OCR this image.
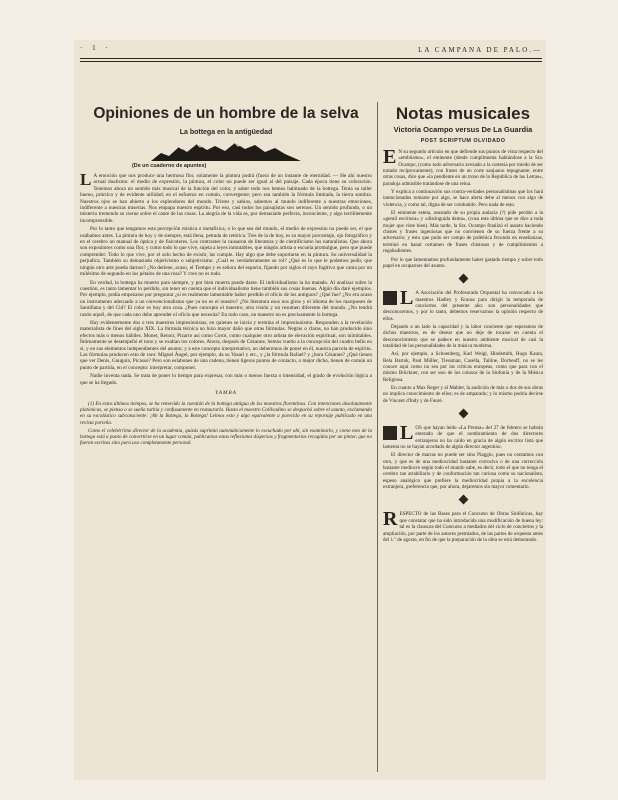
· 1 ·	LA CAMPANA DE PALO.—
Opiniones de un hombre de la selva
La bottega en la antigüedad
(De un cuaderno de apuntes)

L A emoción que nos produce una hermosa flor, solamente la pintura podrá (fuera de un instante de eternidad. — He ahí nuestro actual dualismo: el medio de expresión, la pintura, el color no puede ser igual al del paisaje. Cada época tiene su coloración. Tenemos ahora un sentido más musical de la función del color, y saber todo nos hemos habituado de la bottega. Tenía su taller bueno, práctico y de evidente utilidad; en el esfuerzo en común, convergente; pero esa también la fórmula limitada, la tierra sombra. Nuestros ojos se han abierto a los esplendores del mundo. Tristes y sabios, sabemos al mundo indiferente a nuestras emociones, indiferente a nuestras miserias. Nos empapa nuestro espíritu. Por eso, casi todos los paisajistas son serenos. Un sentido profundo, o un misterio tremendo se cierne sobre el cante de las cosas. La alegría de la vida es, por demasiado perfecta, inconciente, y algo terriblemente incomprensible.

Por lo tanto que tengamos esta percepción mística o metafísica, o lo que sea del mundo, el medio de expresión no puede ser, el que usábamos antes. La pintura de hoy y de siempre, está llena, petrada de retórica. Tres de la de hoy, es su mayor porcentaje, ojo fotográfico y en el cerebro un manual de óptica y de fisicoteres. Los contrastes la causaron de literatura y de científicismo los naturalistas. Que ahora son expositores como una flor, y como todo lo que vive, sujeta a leyes inmutables, que ningún artista o escuela promulgue, pero que puede comprender: Todo lo que vive, por el solo hecho de existir, las cumple. Hay algo que debe soportarse en la pintura. Su universalidad la perjudica. También su demasiado objetivismo o subjetivismo. ¿Cuál es verdaderamente su rol? ¿Qué es lo que le podemos pedir, que ningún otro arte pueda darnos? ¿No detiene, acaso, el Tiempo y es señora del espacio, fijando por siglos el rayo fugitivo que canta por un milésimo de segundo en los pétalos de una rosa? Y creo no es todo.

En verdad, la bottega ha muerto para siempre, y por bien muerta puede darse. El individualismo la ha matado. Al analizar sobre la cuestión, es tanto lamentar lo perdido, sin tener en cuenta que el individualismo tiene también sus cosas buenas. Algún día daré ejemplos. Por ejemplo, podía empezarse por preguntar ¿si es realmente lamentable haber perdido el oficio de los antiguos? ¿Qué fue? ¿No era acaso un instrumento adecuado a un convencionalismo que ya no es el nuestro? ¿No literatura esos nos giros y el idioma de los marqueses de Santillana y del Cid? El color es hoy otra cosa. ¿Pues concepto el maestro, otra visión y un resumen diferente del mundo. ¿No tendrá razón aquél, de que cada uno debe aprender el oficio que necesita? En todo caso, un maestro no es precisamente la bottega.

Hay evidentemente dos o tres maestros impresionistas, en quienes se inicia y termina el impresionismo. Responden a la revelación materialista de fines del siglo XIX. La fórmula técnica no hizo mayor daño que otras fórmulas. Negras o claras, no han producido sino efectos más o menos hábiles. Monet, Renoir, Pizarro así como Corot, como cualquier otro artista de elevación espiritual, son inimitables. Íntimamente se desempeñó el tono y se exaltan los colores. Ahora, después de Cézanne, hemos vuelto a la concepción del cuadro bello en sí, y en sus elementos independientes del asunto; y a este concepto interpretativo, no deberemos de poner en él, nuestra parcela de espíritu. Las fórmulas producen esto de raro: Miguel Ángel, por ejemplo, da su Vasari y etc., y ¿la fórmula Rafael? y ¿hora Cézanne? ¿Qué tienen que ver Denis, Gauguin, Picasso? Pero son eslabones de una cadena, tienen ligeros puntos de contacto, o mejor dicho, tienen de común un punto de partida, en el concepto: interpretar, componer.

Nadie inventa nada. Se trata de poner lo tiempo para expresar, con más o menos fuerza o intensidad, el grado de evolución lógica a que se ha llegado.

YAMBA

(1) En estos últimos tiempos, se ha removido la cuestión de la bottega antigua de los maestros florentinos. Con intenciones absolutamente platónicas, se piensa o se sueña turbia y confusamente en restaurarla. Hasta el maestro Collivadino se despachó sobre el asunto, exclamando en su escolástico subconsciente: ¡Ah la Bottega, la Bottega! Leimos esto y algo equivalente a parecido en su reportaje publicado en una revista porteña.

Como el celebérrimo director de la academia, quizás suprimió automáticamente lo escuchado por ahí, sin examinarlo, y como esto de la bottega está a punto de convertirse en un lugar común, publicamos estas reflexiones dispersas y fragmentarias recogidas por un pintor, que no fueron escritas sino para uso completamente personal.

Notas musicales
Victoria Ocampo versus De La Guardia
POST SCRIPTUM OLVIDADO

E N su segundo artículo en que defiende sus puntos de vista respecto del «embiismo», el eminente (desde cumplimenta hablándose a la Sra. Ocampo, (como todo adversario avezado a la cortesía por miedo de ser tratado recíprocamente), con frases de un corte sanjuano repugnante; entre otras cosas, dice que «la pendiente en un trono de la República de las Letras», paradoja admisible tratándose de una reina.

Y explica a continuación sus contra-verdades personalísimas que los hará intencionados tomarse por algo, se hace alerta debe al menos con algo de violencia, y como tal, digna de ser combatido. Pero nada de esto.

El eminente esteta, asustado de su propia audacia (?) pide perdón a la «gentil escritora» y «distinguida dama», (cosa esta última que se dice a toda mujer que viste bien). Más tarde, la Sra. Ocampo finalizó el asunto haciendo chistes y frases ingeniosas que no convienen de su fuerza frente a su adversario; y esto que pudo ser campo de polémica fecundo en enseñanzas, terminó en banal certamen de frases chistosas y de cumplimientos a regañadientes.

Por lo que lamentamos profundamente haber gastado tiempo y sobre todo papel en ocuparnos del asunto.

L A Asociación del Profesorado Orquestal ha convocado a los maestros Hadley y Krauss para dirigir la temporada de conciertos del presente año: son personalidades que desconocemos, y por lo tanto, debemos reservarnos la opinión respecto de ellos.

Dejando a un lado la capacidad y la labor conciente que esperamos de dichos maestros, es de desear que no deje de tocarse en cuenta el desconocimiento que se padece en nuestro ambiente musical de casi la totalidad de las personalidades de la música moderna.

Así, por ejemplo, a Schoenberg, Karl Weigl, Hindemith, Hugo Kauta, Bela Bartok, Paul Müller, Tiessman, Casella, Tailine, Dorbeuff, no se les conoce aquí como no sea por las críticas europeas, como que para con el mismo Brückner, con ser uno de los colosos de la Sinfonía y de la Música Religiosa.

En cuanto a Max Reger y al Mahler, la audición de más o dos de sus obras no implica conocimiento de ellos; es de amparado; y lo mismo podría decirse de Vincent d'Indy y de Fauré.

LOS que hayan leído «La Prensa» del 27 de febrero se habrán enterado de que el nombramiento de dos directores extranjeros no ha caído en gracia de algún escritor lista que lamenta no se hayan acordado de algún director argentino.

El director de marras no puede ser sino Piaggio, pues no contamos con otro, y que es de una mediocridad bastante corrosiva o de una corrección bastante mediocre según todo el mundo sabe, es decir, todo el que no tenga el cerebro tan atrabiliario y de conformación tan curiosa como su nacionalista, espeso analógico que prefiere la mediocridad propia a la excelencia extranjera, preferencia que, por ahora, dejaremos sin mayor comentario.

RESPECTO de las Bases para el Concurso de Obras Sinfónicas, hay que constatar que ha sido introducida una modificación de buena ley: tal es la clausura del Concurso a mediados del ciclo de conciertos y la ampliación, por parte de los autores premiados, de las partes de orquesta antes del 1.º de agosto, en fin de que la preparación de la obra se está demorando.
